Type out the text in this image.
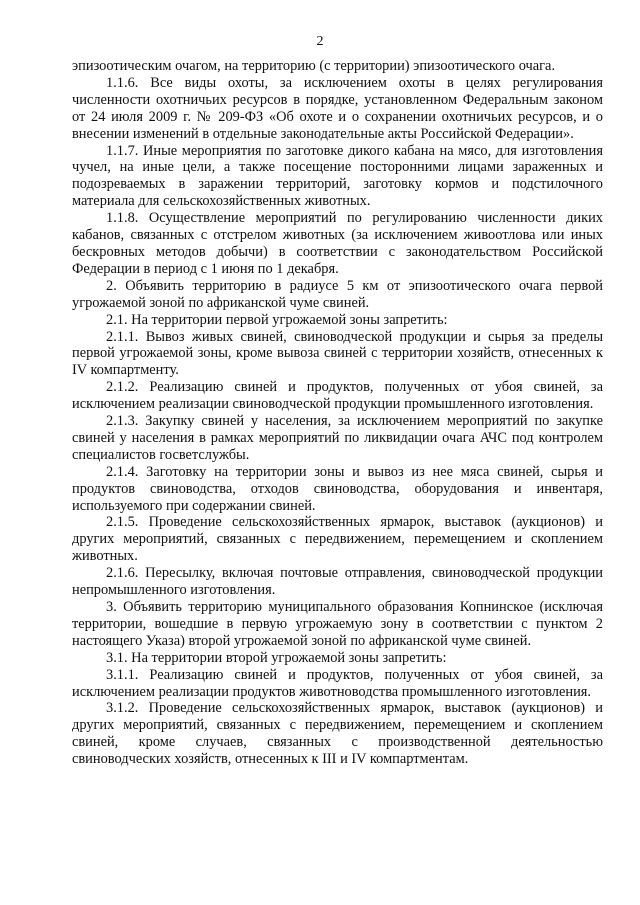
2

эпизоотическим очагом, на территорию (с территории) эпизоотического очага.

1.1.6. Все виды охоты, за исключением охоты в целях регулирования численности охотничьих ресурсов в порядке, установленном Федеральным законом от 24 июля 2009 г. № 209-ФЗ «Об охоте и о сохранении охотничьих ресурсов, и о внесении изменений в отдельные законодательные акты Российской Федерации».

1.1.7. Иные мероприятия по заготовке дикого кабана на мясо, для изготовления чучел, на иные цели, а также посещение посторонними лицами зараженных и подозреваемых в заражении территорий, заготовку кормов и подстилочного материала для сельскохозяйственных животных.

1.1.8. Осуществление мероприятий по регулированию численности диких кабанов, связанных с отстрелом животных (за исключением живоотлова или иных бескровных методов добычи) в соответствии с законодательством Российской Федерации в период с 1 июня по 1 декабря.

2. Объявить территорию в радиусе 5 км от эпизоотического очага первой угрожаемой зоной по африканской чуме свиней.

2.1. На территории первой угрожаемой зоны запретить:

2.1.1. Вывоз живых свиней, свиноводческой продукции и сырья за пределы первой угрожаемой зоны, кроме вывоза свиней с территории хозяйств, отнесенных к IV компартменту.

2.1.2. Реализацию свиней и продуктов, полученных от убоя свиней, за исключением реализации свиноводческой продукции промышленного изготовления.

2.1.3. Закупку свиней у населения, за исключением мероприятий по закупке свиней у населения в рамках мероприятий по ликвидации очага АЧС под контролем специалистов госветслужбы.

2.1.4. Заготовку на территории зоны и вывоз из нее мяса свиней, сырья и продуктов свиноводства, отходов свиноводства, оборудования и инвентаря, используемого при содержании свиней.

2.1.5. Проведение сельскохозяйственных ярмарок, выставок (аукционов) и других мероприятий, связанных с передвижением, перемещением и скоплением животных.

2.1.6. Пересылку, включая почтовые отправления, свиноводческой продукции непромышленного изготовления.

3. Объявить территорию муниципального образования Копнинское (исключая территории, вошедшие в первую угрожаемую зону в соответствии с пунктом 2 настоящего Указа) второй угрожаемой зоной по африканской чуме свиней.

3.1. На территории второй угрожаемой зоны запретить:

3.1.1. Реализацию свиней и продуктов, полученных от убоя свиней, за исключением реализации продуктов животноводства промышленного изготовления.

3.1.2. Проведение сельскохозяйственных ярмарок, выставок (аукционов) и других мероприятий, связанных с передвижением, перемещением и скоплением свиней, кроме случаев, связанных с производственной деятельностью свиноводческих хозяйств, отнесенных к III и IV компартментам.
